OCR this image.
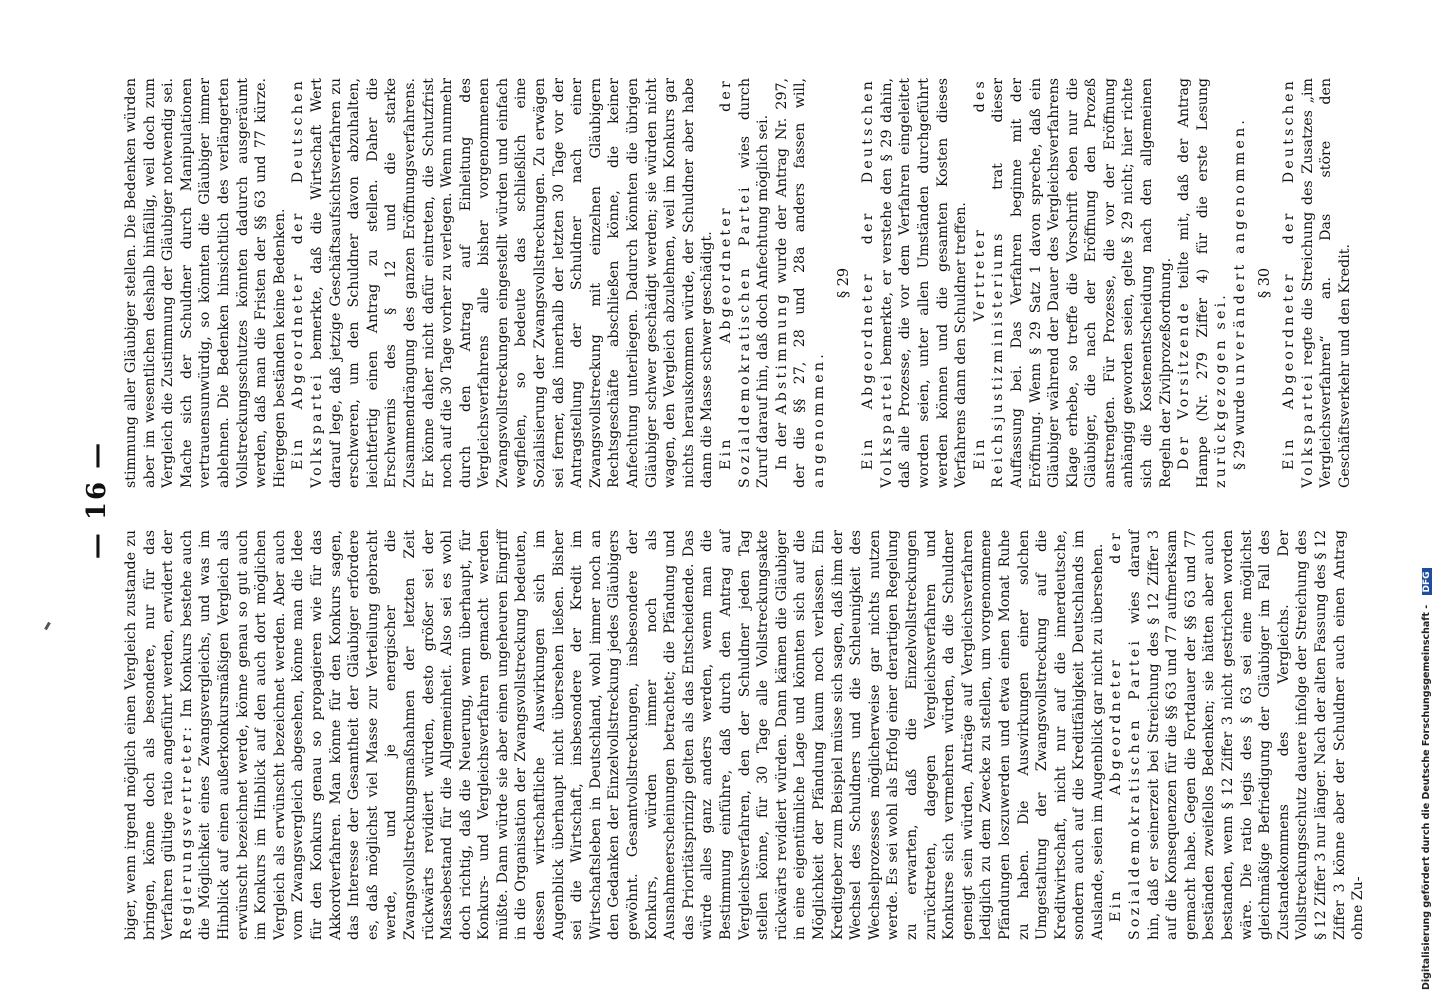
— 16 —

biger, wenn irgend möglich einen Vergleich zustande zu bringen, könne doch als besondere, nur für das Verfahren gültige ratio angeführt werden, erwidert der Regierungsvertreter: Im Konkurs bestehe auch die Möglichkeit eines Zwangsvergleichs, und was im Hinblick auf einen außerkonkursmäßigen Vergleich als erwünscht bezeichnet werde, könne genau so gut auch im Konkurs im Hinblick auf den auch dort möglichen Vergleich als erwünscht bezeichnet werden. Aber auch vom Zwangsvergleich abgesehen, könne man die Idee für den Konkurs genau so propagieren wie für das Akkordverfahren. Man könne für den Konkurs sagen, das Interesse der Gesamtheit der Gläubiger erfordere es, daß möglichst viel Masse zur Verteilung gebracht werde, und je energischer die Zwangsvollstreckungsmaßnahmen der letzten Zeit rückwärts revidiert würden, desto größer sei der Massebestand für die Allgemeinheit. Also sei es wohl doch richtig, daß die Neuerung, wenn überhaupt, für Konkurs- und Vergleichsverfahren gemacht werden müßte. Dann würde sie aber einen ungeheuren Eingriff in die Organisation der Zwangsvollstreckung bedeuten, dessen wirtschaftliche Auswirkungen sich im Augenblick überhaupt nicht übersehen ließen. Bisher sei die Wirtschaft, insbesondere der Kredit im Wirtschaftsleben in Deutschland, wohl immer noch an den Gedanken der Einzelvollstreckung jedes Gläubigers gewöhnt. Gesamtvollstreckungen, insbesondere der Konkurs, würden immer noch als Ausnahmeerscheinungen betrachtet; die Pfändung und das Prioritätsprinzip gelten als das Entscheidende. Das würde alles ganz anders werden, wenn man die Bestimmung einführe, daß durch den Antrag auf Vergleichsverfahren, den der Schuldner jeden Tag stellen könne, für 30 Tage alle Vollstreckungsakte rückwärts revidiert würden. Dann kämen die Gläubiger in eine eigentümliche Lage und könnten sich auf die Möglichkeit der Pfändung kaum noch verlassen. Ein Kreditgeber zum Beispiel müsse sich sagen, daß ihm der Wechsel des Schuldners und die Schleunigkeit des Wechselprozesses möglicherweise gar nichts nutzen werde. Es sei wohl als Erfolg einer derartigen Regelung zu erwarten, daß die Einzelvollstreckungen zurücktreten, dagegen Vergleichsverfahren und Konkurse sich vermehren würden, da die Schuldner geneigt sein würden, Anträge auf Vergleichsverfahren lediglich zu dem Zwecke zu stellen, um vorgenommene Pfändungen loszuwerden und etwa einen Monat Ruhe zu haben. Die Auswirkungen einer solchen Umgestaltung der Zwangsvollstreckung auf die Kreditwirtschaft, nicht nur auf die innerdeutsche, sondern auch auf die Kreditfähigkeit Deutschlands im Auslande, seien im Augenblick gar nicht zu übersehen. Ein Abgeordneter der Sozialdemokratischen Partei wies darauf hin, daß er seinerzeit bei Streichung des § 12 Ziffer 3 auf die Konsequenzen für die §§ 63 und 77 aufmerksam gemacht habe. Gegen die Fortdauer der §§ 63 und 77 beständen zweifellos Bedenken; sie hätten aber auch bestanden, wenn § 12 Ziffer 3 nicht gestrichen worden wäre. Die ratio legis des § 63 sei eine möglichst gleichmäßige Befriedigung der Gläubiger im Fall des Zustandekommens des Vergleichs. Der Vollstreckungsschutz dauere infolge der Streichung des § 12 Ziffer 3 nur länger. Nach der alten Fassung des § 12 Ziffer 3 könne aber der Schuldner auch einen Antrag ohne Zu-

stimmung aller Gläubiger stellen. Die Bedenken würden aber im wesentlichen deshalb hinfällig, weil doch zum Vergleich die Zustimmung der Gläubiger notwendig sei. Mache sich der Schuldner durch Manipulationen vertrauensunwürdig, so könnten die Gläubiger immer ablehnen. Die Bedenken hinsichtlich des verlängerten Vollstreckungsschutzes könnten dadurch ausgeräumt werden, daß man die Fristen der §§ 63 und 77 kürze. Hiergegen beständen keine Bedenken. Ein Abgeordneter der Deutschen Volkspartei bemerkte, daß die Wirtschaft Wert darauf lege, daß jetzige Geschäftsaufsichtsverfahren zu erschweren, um den Schuldner davon abzuhalten, leichtfertig einen Antrag zu stellen. Daher die Erschwernis des § 12 und die starke Zusammendrängung des ganzen Eröffnungsverfahrens. Er könne daher nicht dafür eintreten, die Schutzfrist noch auf die 30 Tage vorher zu verlegen. Wenn nunmehr durch den Antrag auf Einleitung des Vergleichsverfahrens alle bisher vorgenommenen Zwangsvollstreckungen eingestellt würden und einfach wegfielen, so bedeute das schließlich eine Sozialisierung der Zwangsvollstreckungen. Zu erwägen sei ferner, daß innerhalb der letzten 30 Tage vor der Antragstellung der Schuldner nach einer Zwangsvollstreckung mit einzelnen Gläubigern Rechtsgeschäfte abschließen könne, die keiner Anfechtung unterliegen. Dadurch könnten die übrigen Gläubiger schwer geschädigt werden; sie würden nicht wagen, den Vergleich abzulehnen, weil im Konkurs gar nichts herauskommen würde, der Schuldner aber habe dann die Masse schwer geschädigt. Ein Abgeordneter der Sozialdemokratischen Partei wies durch Zuruf darauf hin, daß doch Anfechtung möglich sei. In der Abstimmung wurde der Antrag Nr. 297, der die §§ 27, 28 und 28a anders fassen will, angenommen.

§ 29 Ein Abgeordneter der Deutschen Volkspartei bemerkte, er verstehe den § 29 dahin, daß alle Prozesse, die vor dem Verfahren eingeleitet worden seien, unter allen Umständen durchgeführt werden können und die gesamten Kosten dieses Verfahrens dann den Schuldner treffen. Ein Vertreter des Reichsjustizministeriums trat dieser Auffassung bei. Das Verfahren beginne mit der Eröffnung. Wenn § 29 Satz 1 davon spreche, daß ein Gläubiger während der Dauer des Vergleichsverfahrens Klage erhebe, so treffe die Vorschrift eben nur die Gläubiger, die nach der Eröffnung den Prozeß anstrengten. Für Prozesse, die vor der Eröffnung anhängig geworden seien, gelte § 29 nicht; hier richte sich die Kostenentscheidung nach den allgemeinen Regeln der Zivilprozeßordnung. Der Vorsitzende teilte mit, daß der Antrag Hampe (Nr. 279 Ziffer 4) für die erste Lesung zurückgezogen sei. § 29 wurde unverändert angenommen. § 30 Ein Abgeordneter der Deutschen Volkspartei regte die Streichung des Zusatzes „im Vergleichsverfahren“ an. Das störe den Geschäftsverkehr und den Kredit.

Digitalisierung gefördert durch die Deutsche Forschungsgemeinschaft - DFG
